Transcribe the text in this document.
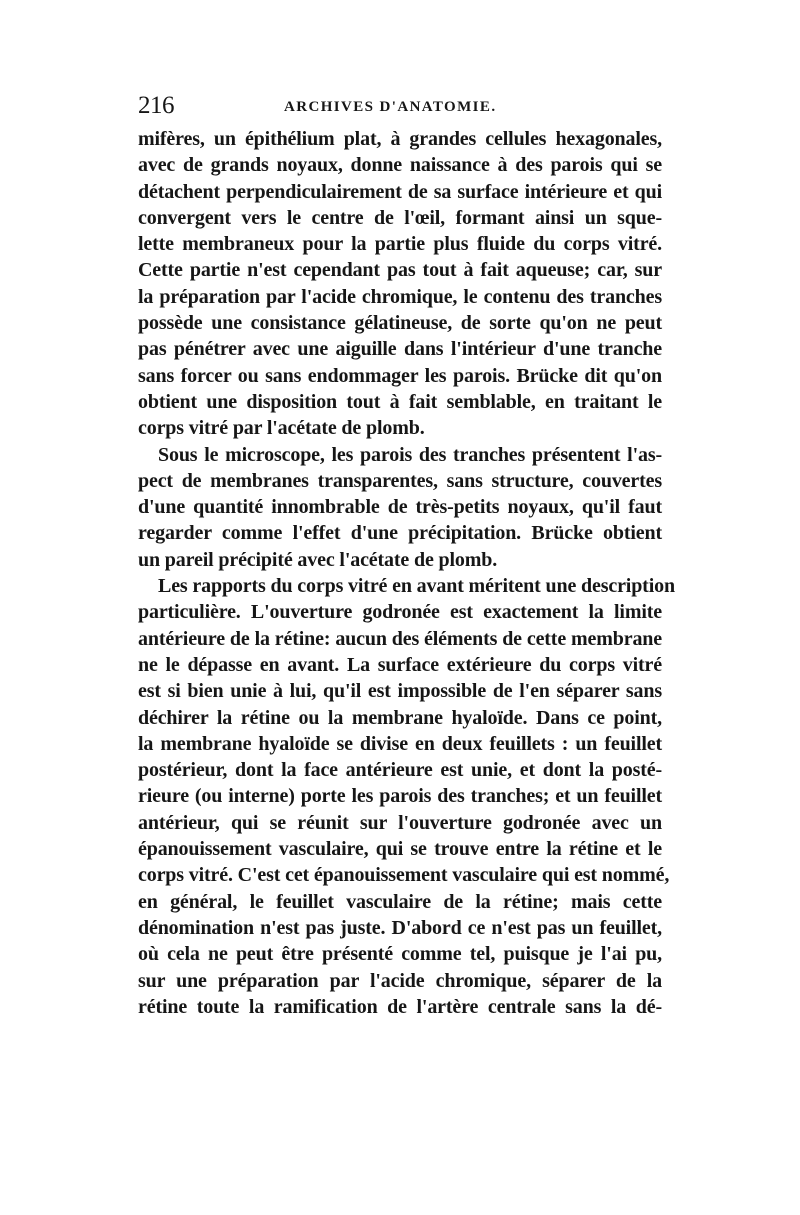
216	ARCHIVES D'ANATOMIE.
mifères, un épithélium plat, à grandes cellules hexagonales,
avec de grands noyaux, donne naissance à des parois qui se
détachent perpendiculairement de sa surface intérieure et qui
convergent vers le centre de l'œil, formant ainsi un sque-
lette membraneux pour la partie plus fluide du corps vitré.
Cette partie n'est cependant pas tout à fait aqueuse; car, sur
la préparation par l'acide chromique, le contenu des tranches
possède une consistance gélatineuse, de sorte qu'on ne peut
pas pénétrer avec une aiguille dans l'intérieur d'une tranche
sans forcer ou sans endommager les parois. Brücke dit qu'on
obtient une disposition tout à fait semblable, en traitant le
corps vitré par l'acétate de plomb.
Sous le microscope, les parois des tranches présentent l'as-
pect de membranes transparentes, sans structure, couvertes
d'une quantité innombrable de très-petits noyaux, qu'il faut
regarder comme l'effet d'une précipitation. Brücke obtient
un pareil précipité avec l'acétate de plomb.
Les rapports du corps vitré en avant méritent une description
particulière. L'ouverture godronée est exactement la limite
antérieure de la rétine: aucun des éléments de cette membrane
ne le dépasse en avant. La surface extérieure du corps vitré
est si bien unie à lui, qu'il est impossible de l'en séparer sans
déchirer la rétine ou la membrane hyaloïde. Dans ce point,
la membrane hyaloïde se divise en deux feuillets : un feuillet
postérieur, dont la face antérieure est unie, et dont la posté-
rieure (ou interne) porte les parois des tranches; et un feuillet
antérieur, qui se réunit sur l'ouverture godronée avec un
épanouissement vasculaire, qui se trouve entre la rétine et le
corps vitré. C'est cet épanouissement vasculaire qui est nommé,
en général, le feuillet vasculaire de la rétine; mais cette
dénomination n'est pas juste. D'abord ce n'est pas un feuillet,
où cela ne peut être présenté comme tel, puisque je l'ai pu,
sur une préparation par l'acide chromique, séparer de la
rétine toute la ramification de l'artère centrale sans la dé-
